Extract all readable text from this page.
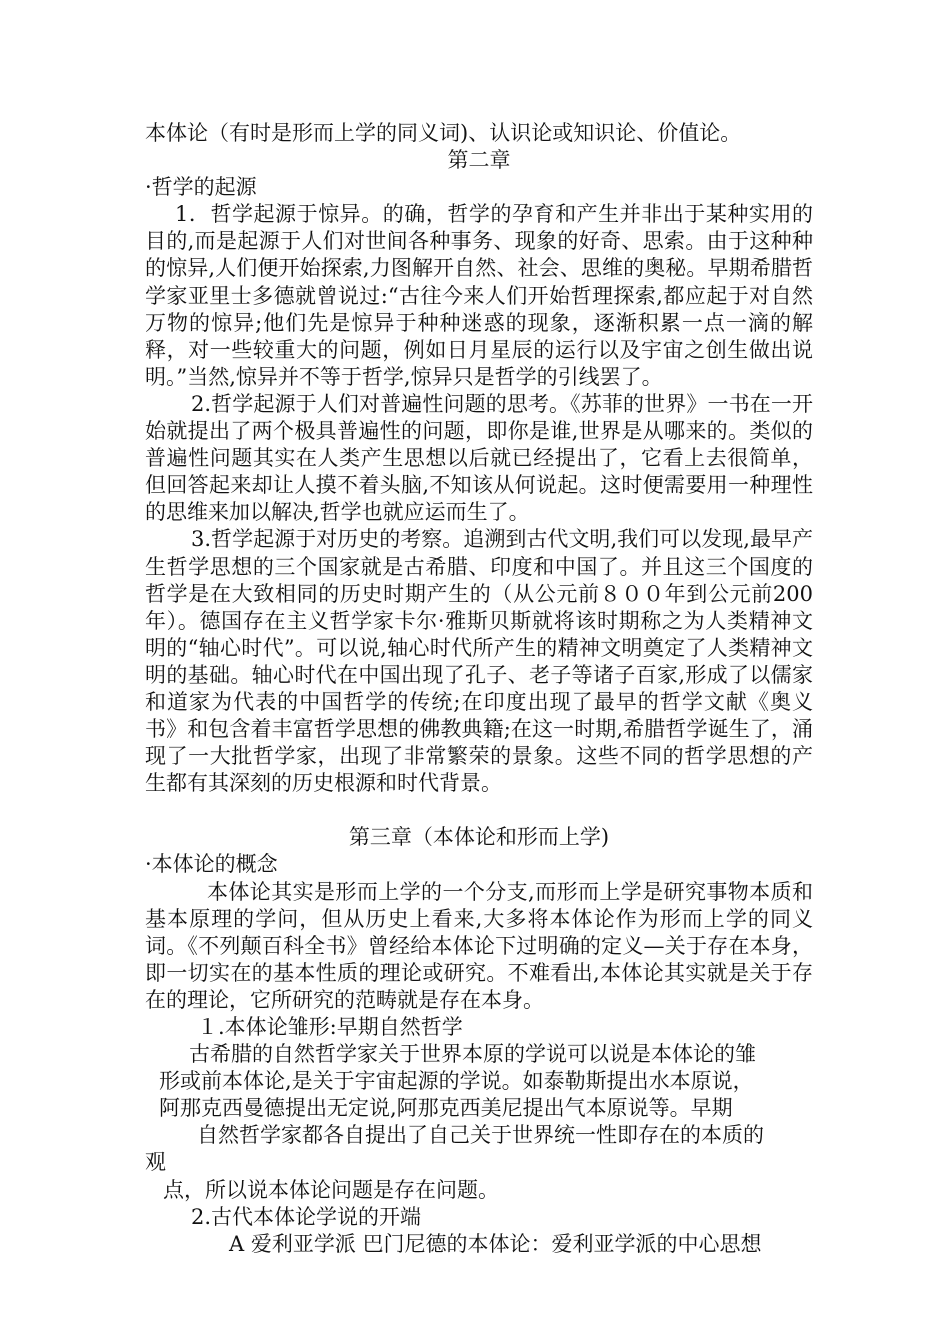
本体论（有时是形而上学的同义词)、认识论或知识论、价值论。

第二章

·哲学的起源

1．哲学起源于惊异。的确，哲学的孕育和产生并非出于某种实用的目的,而是起源于人们对世间各种事务、现象的好奇、思索。由于这种种的惊异,人们便开始探索,力图解开自然、社会、思维的奥秘。早期希腊哲学家亚里士多德就曾说过:“古往今来人们开始哲理探索,都应起于对自然万物的惊异;他们先是惊异于种种迷惑的现象，逐渐积累一点一滴的解释，对一些较重大的问题，例如日月星辰的运行以及宇宙之创生做出说明。”当然,惊异并不等于哲学,惊异只是哲学的引线罢了。

2.哲学起源于人们对普遍性问题的思考。《苏菲的世界》一书在一开始就提出了两个极具普遍性的问题，即你是谁,世界是从哪来的。类似的普遍性问题其实在人类产生思想以后就已经提出了，它看上去很简单，但回答起来却让人摸不着头脑,不知该从何说起。这时便需要用一种理性的思维来加以解决,哲学也就应运而生了。

3.哲学起源于对历史的考察。追溯到古代文明,我们可以发现,最早产生哲学思想的三个国家就是古希腊、印度和中国了。并且这三个国度的哲学是在大致相同的历史时期产生的（从公元前８００年到公元前200年）。德国存在主义哲学家卡尔·雅斯贝斯就将该时期称之为人类精神文明的“轴心时代”。可以说,轴心时代所产生的精神文明奠定了人类精神文明的基础。轴心时代在中国出现了孔子、老子等诸子百家,形成了以儒家和道家为代表的中国哲学的传统;在印度出现了最早的哲学文献《奥义书》和包含着丰富哲学思想的佛教典籍;在这一时期,希腊哲学诞生了，涌现了一大批哲学家，出现了非常繁荣的景象。这些不同的哲学思想的产生都有其深刻的历史根源和时代背景。

第三章（本体论和形而上学)

·本体论的概念

本体论其实是形而上学的一个分支,而形而上学是研究事物本质和基本原理的学问，但从历史上看来,大多将本体论作为形而上学的同义词。《不列颠百科全书》曾经给本体论下过明确的定义—关于存在本身，即一切实在的基本性质的理论或研究。不难看出,本体论其实就是关于存在的理论，它所研究的范畴就是存在本身。

１.本体论雏形:早期自然哲学

古希腊的自然哲学家关于世界本原的学说可以说是本体论的雏

形或前本体论,是关于宇宙起源的学说。如泰勒斯提出水本原说，

阿那克西曼德提出无定说,阿那克西美尼提出气本原说等。早期

自然哲学家都各自提出了自己关于世界统一性即存在的本质的

观

点，所以说本体论问题是存在问题。

2.古代本体论学说的开端

A 爱利亚学派 巴门尼德的本体论：爱利亚学派的中心思想
